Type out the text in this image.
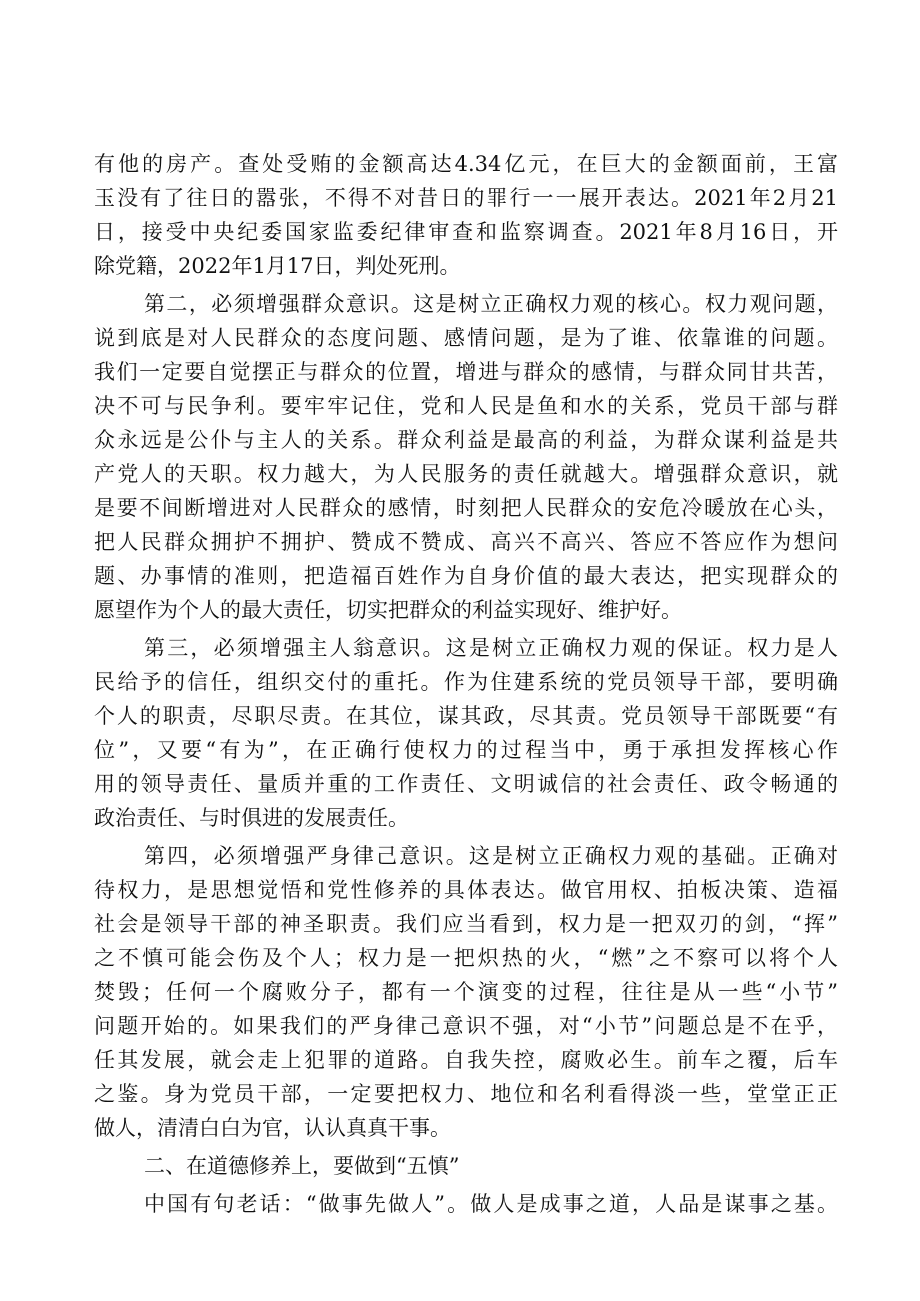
有他的房产。查处受贿的金额高达4.34亿元，在巨大的金额面前，王富
玉没有了往日的嚣张，不得不对昔日的罪行一一展开表达。2021年2月21
日，接受中央纪委国家监委纪律审查和监察调查。2021年8月16日，开
除党籍，2022年1月17日，判处死刑。
第二，必须增强群众意识。这是树立正确权力观的核心。权力观问题，
说到底是对人民群众的态度问题、感情问题，是为了谁、依靠谁的问题。
我们一定要自觉摆正与群众的位置，增进与群众的感情，与群众同甘共苦，
决不可与民争利。要牢牢记住，党和人民是鱼和水的关系，党员干部与群
众永远是公仆与主人的关系。群众利益是最高的利益，为群众谋利益是共
产党人的天职。权力越大，为人民服务的责任就越大。增强群众意识，就
是要不间断增进对人民群众的感情，时刻把人民群众的安危冷暖放在心头，
把人民群众拥护不拥护、赞成不赞成、高兴不高兴、答应不答应作为想问
题、办事情的准则，把造福百姓作为自身价值的最大表达，把实现群众的
愿望作为个人的最大责任，切实把群众的利益实现好、维护好。
第三，必须增强主人翁意识。这是树立正确权力观的保证。权力是人
民给予的信任，组织交付的重托。作为住建系统的党员领导干部，要明确
个人的职责，尽职尽责。在其位，谋其政，尽其责。党员领导干部既要“有
位”，又要“有为”，在正确行使权力的过程当中，勇于承担发挥核心作
用的领导责任、量质并重的工作责任、文明诚信的社会责任、政令畅通的
政治责任、与时俱进的发展责任。
第四，必须增强严身律己意识。这是树立正确权力观的基础。正确对
待权力，是思想觉悟和党性修养的具体表达。做官用权、拍板决策、造福
社会是领导干部的神圣职责。我们应当看到，权力是一把双刃的剑，“挥”
之不慎可能会伤及个人；权力是一把炽热的火，“燃”之不察可以将个人
焚毁；任何一个腐败分子，都有一个演变的过程，往往是从一些“小节”
问题开始的。如果我们的严身律己意识不强，对“小节”问题总是不在乎，
任其发展，就会走上犯罪的道路。自我失控，腐败必生。前车之覆，后车
之鉴。身为党员干部，一定要把权力、地位和名利看得淡一些，堂堂正正
做人，清清白白为官，认认真真干事。
二、在道德修养上，要做到“五慎”
中国有句老话：“做事先做人”。做人是成事之道，人品是谋事之基。
